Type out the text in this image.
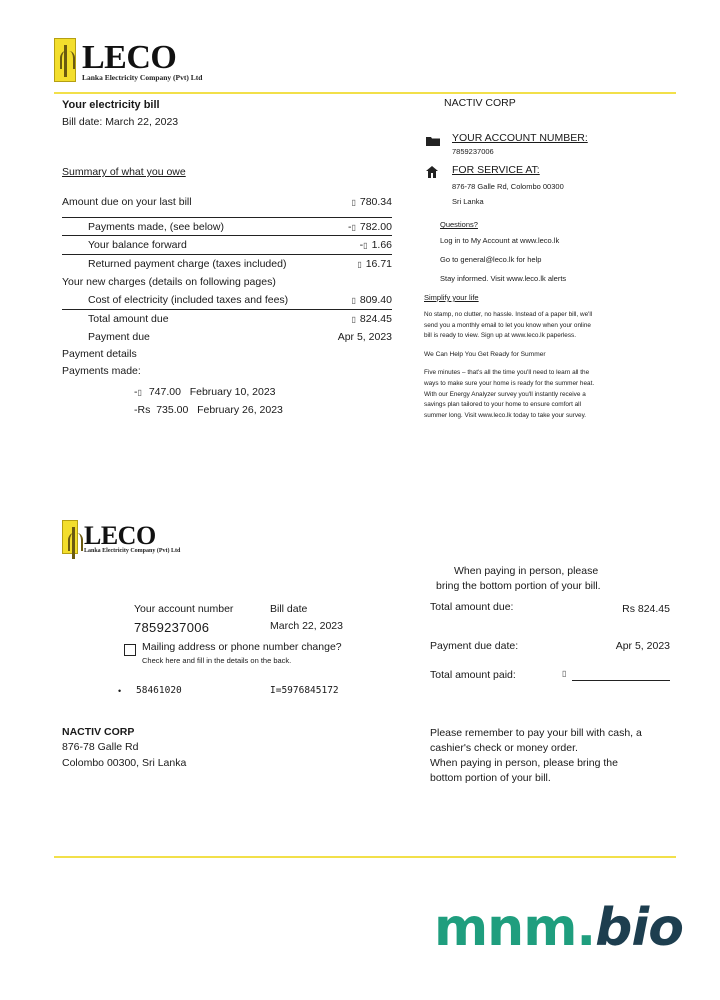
LECO
Lanka Electricity Company (Pvt) Ltd
Your electricity bill
Bill date: March 22, 2023
NACTIV CORP
YOUR ACCOUNT NUMBER:
7859237006
FOR SERVICE AT:
876-78 Galle Rd, Colombo 00300
Sri Lanka
Questions?
Log in to My Account at www.leco.lk
Go to general@leco.lk for help
Stay informed. Visit www.leco.lk alerts
Simplify your life
No stamp, no clutter, no hassle. Instead of a paper bill, we'll
send you a monthly email to let you know when your online
bill is ready to view. Sign up at www.leco.lk paperless.
We Can Help You Get Ready for Summer
Five minutes – that's all the time you'll need to learn all the
ways to make sure your home is ready for the summer heat.
With our Energy Analyzer survey you'll instantly receive a
savings plan tailored to your home to ensure comfort all
summer long. Visit www.leco.lk today to take your survey.
Summary of what you owe
Amount due on your last bill	▯ 780.34
Payments made, (see below)	-▯ 782.00
Your balance forward	-▯ 1.66
Returned payment charge (taxes included)	▯ 16.71
Your new charges (details on following pages)
Cost of electricity (included taxes and fees)	▯ 809.40
Total amount due	▯ 824.45
Payment due	Apr 5, 2023
Payment details
Payments made:
-▯ 747.00 February 10, 2023
-Rs 735.00 February 26, 2023
LECO
Lanka Electricity Company (Pvt) Ltd
Your account number
7859237006
Bill date
March 22, 2023
Mailing address or phone number change?
Check here and fill in the details on the back.
• 58461020	I=5976845172
NACTIV CORP
876-78 Galle Rd
Colombo 00300, Sri Lanka
When paying in person, please
bring the bottom portion of your bill.
Total amount due:	Rs 824.45
Payment due date:	Apr 5, 2023
Total amount paid:	▯
Please remember to pay your bill with cash, a
cashier's check or money order.
When paying in person, please bring the
bottom portion of your bill.
mnm.bio
